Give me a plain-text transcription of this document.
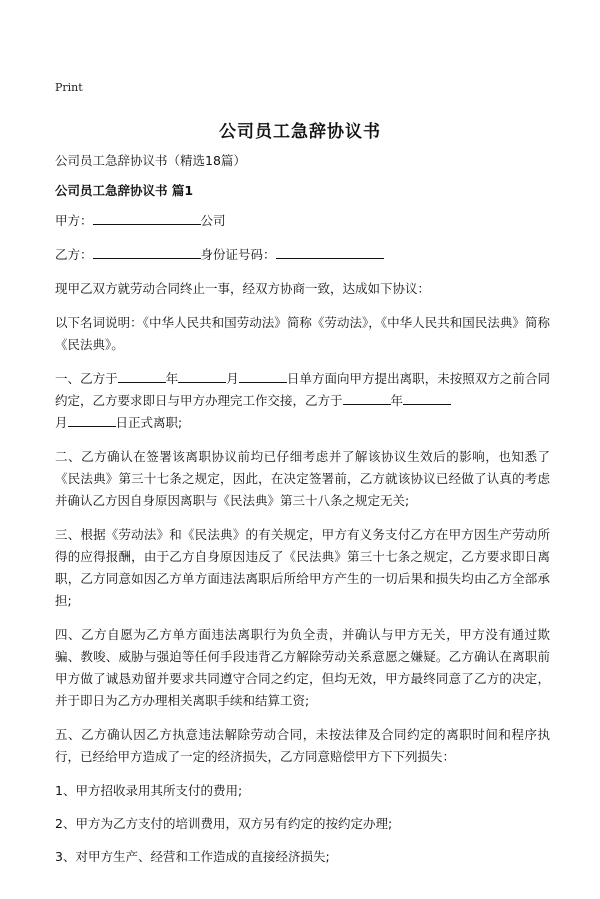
Print
公司员工急辞协议书

公司员工急辞协议书（精选18篇）

公司员工急辞协议书 篇1

甲方：	公司

乙方：	身份证号码：

现甲乙双方就劳动合同终止一事，经双方协商一致，达成如下协议：

以下名词说明：《中华人民共和国劳动法》简称《劳动法》，《中华人民共和国民法典》简称《民法典》。

一、乙方于	年	月	日单方面向甲方提出离职，未按照双方之前合同约定，乙方要求即日与甲方办理完工作交接，乙方于	年
月	日正式离职;

二、乙方确认在签署该离职协议前均已仔细考虑并了解该协议生效后的影响，也知悉了《民法典》第三十七条之规定，因此，在决定签署前，乙方就该协议已经做了认真的考虑并确认乙方因自身原因离职与《民法典》第三十八条之规定无关;

三、根据《劳动法》和《民法典》的有关规定，甲方有义务支付乙方在甲方因生产劳动所得的应得报酬，由于乙方自身原因违反了《民法典》第三十七条之规定，乙方要求即日离职，乙方同意如因乙方单方面违法离职后所给甲方产生的一切后果和损失均由乙方全部承担;

四、乙方自愿为乙方单方面违法离职行为负全责，并确认与甲方无关，甲方没有通过欺骗、教唆、威胁与强迫等任何手段违背乙方解除劳动关系意愿之嫌疑。乙方确认在离职前甲方做了诚恳劝留并要求共同遵守合同之约定，但均无效，甲方最终同意了乙方的决定，并于即日为乙方办理相关离职手续和结算工资;

五、乙方确认因乙方执意违法解除劳动合同，未按法律及合同约定的离职时间和程序执行，已经给甲方造成了一定的经济损失，乙方同意赔偿甲方下下列损失：

1、甲方招收录用其所支付的费用;

2、甲方为乙方支付的培训费用，双方另有约定的按约定办理;

3、对甲方生产、经营和工作造成的直接经济损失;
